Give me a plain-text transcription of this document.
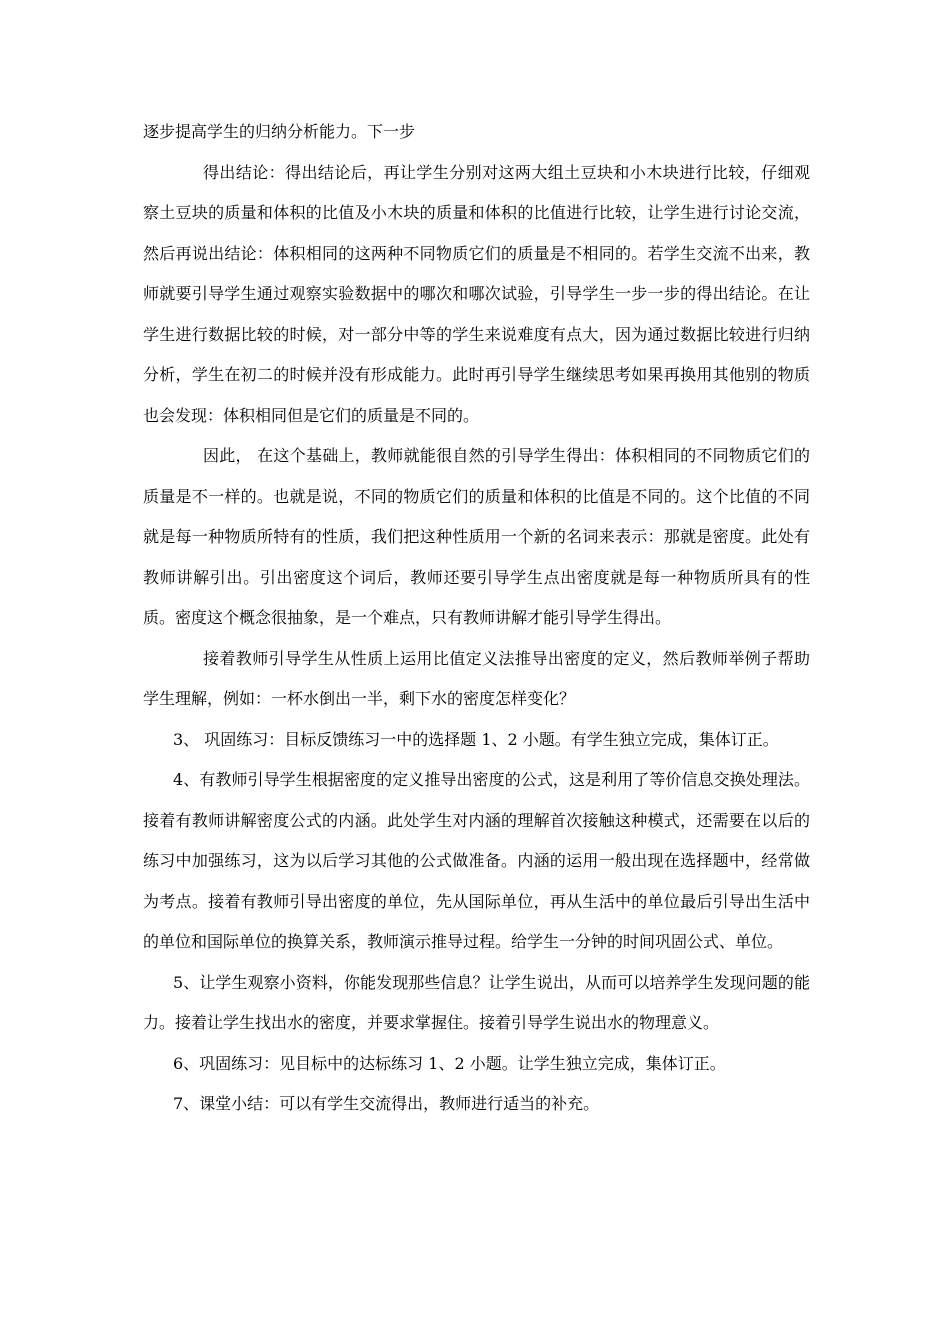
逐步提高学生的归纳分析能力。下一步

得出结论：得出结论后，再让学生分别对这两大组土豆块和小木块进行比较，仔细观察土豆块的质量和体积的比值及小木块的质量和体积的比值进行比较，让学生进行讨论交流，然后再说出结论：体积相同的这两种不同物质它们的质量是不相同的。若学生交流不出来，教师就要引导学生通过观察实验数据中的哪次和哪次试验，引导学生一步一步的得出结论。在让学生进行数据比较的时候，对一部分中等的学生来说难度有点大，因为通过数据比较进行归纳分析，学生在初二的时候并没有形成能力。此时再引导学生继续思考如果再换用其他别的物质也会发现：体积相同但是它们的质量是不同的。

因此， 在这个基础上，教师就能很自然的引导学生得出：体积相同的不同物质它们的质量是不一样的。也就是说，不同的物质它们的质量和体积的比值是不同的。这个比值的不同就是每一种物质所特有的性质，我们把这种性质用一个新的名词来表示：那就是密度。此处有教师讲解引出。引出密度这个词后，教师还要引导学生点出密度就是每一种物质所具有的性质。密度这个概念很抽象，是一个难点，只有教师讲解才能引导学生得出。

接着教师引导学生从性质上运用比值定义法推导出密度的定义，然后教师举例子帮助学生理解，例如：一杯水倒出一半，剩下水的密度怎样变化？

3、 巩固练习：目标反馈练习一中的选择题 1、2 小题。有学生独立完成，集体订正。

4、有教师引导学生根据密度的定义推导出密度的公式，这是利用了等价信息交换处理法。接着有教师讲解密度公式的内涵。此处学生对内涵的理解首次接触这种模式，还需要在以后的练习中加强练习，这为以后学习其他的公式做准备。内涵的运用一般出现在选择题中，经常做为考点。接着有教师引导出密度的单位，先从国际单位，再从生活中的单位最后引导出生活中的单位和国际单位的换算关系，教师演示推导过程。给学生一分钟的时间巩固公式、单位。

5、让学生观察小资料，你能发现那些信息？让学生说出，从而可以培养学生发现问题的能力。接着让学生找出水的密度，并要求掌握住。接着引导学生说出水的物理意义。

6、巩固练习：见目标中的达标练习 1、2 小题。让学生独立完成，集体订正。

7、课堂小结：可以有学生交流得出，教师进行适当的补充。
